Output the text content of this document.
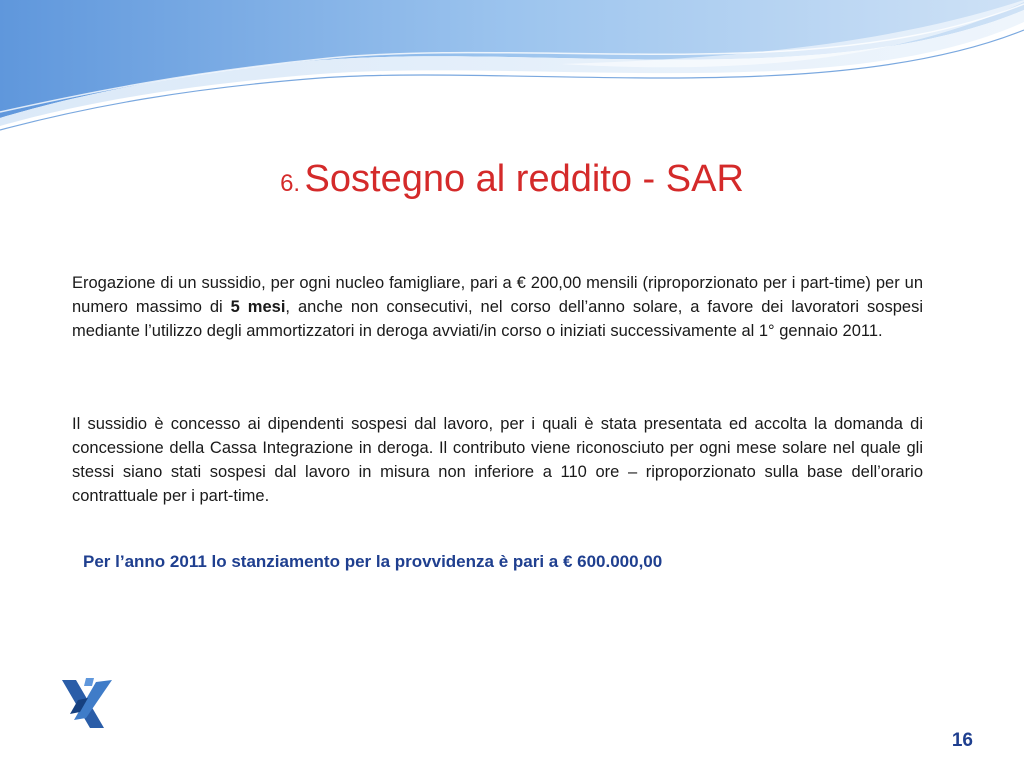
6. Sostegno al reddito - SAR

Erogazione di un sussidio, per ogni nucleo famigliare, pari a € 200,00 mensili (riproporzionato per i part-time) per un numero massimo di 5 mesi, anche non consecutivi, nel corso dell’anno solare, a favore dei lavoratori sospesi mediante l’utilizzo degli ammortizzatori in deroga avviati/in corso o iniziati successivamente al 1° gennaio 2011.

Il sussidio è concesso ai dipendenti sospesi dal lavoro, per i quali è stata presentata ed accolta la domanda di concessione della Cassa Integrazione in deroga. Il contributo viene riconosciuto per ogni mese solare nel quale gli stessi siano stati sospesi dal lavoro in misura non inferiore a 110 ore – riproporzionato sulla base dell’orario contrattuale per i part-time.

Per l’anno 2011 lo stanziamento per la provvidenza è pari a € 600.000,00
16
